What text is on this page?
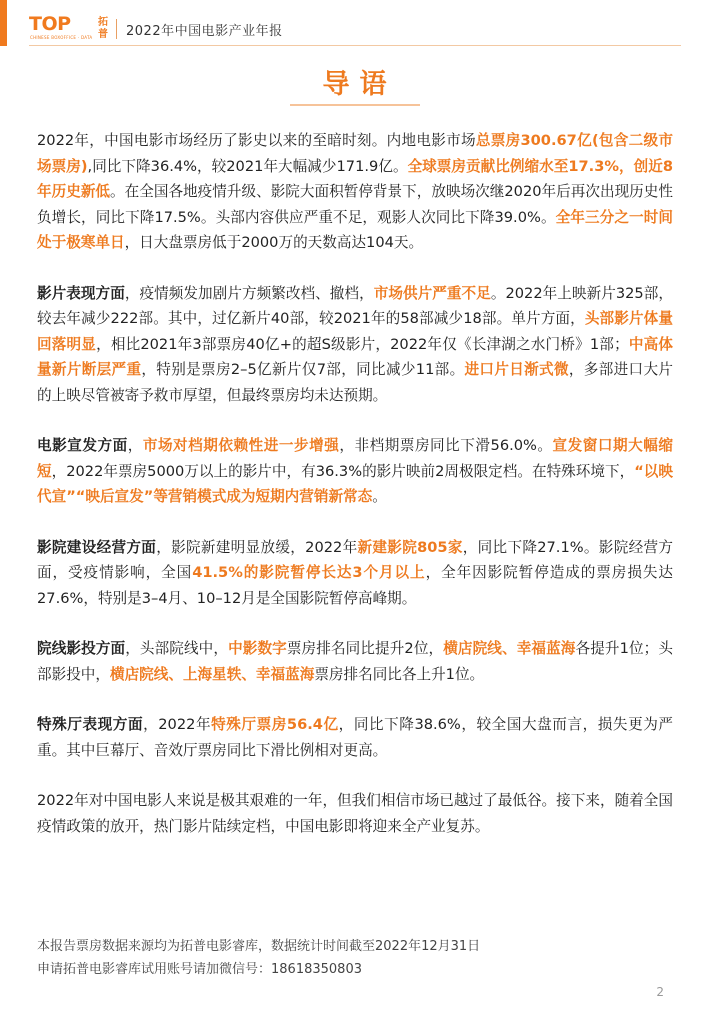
TOP
CHINESE BOXOFFICE · DATA
拓
普 2022年中国电影产业年报
导语

2022年，中国电影市场经历了影史以来的至暗时刻。内地电影市场总票房300.67亿(包含二级市场票房),同比下降36.4%，较2021年大幅减少171.9亿。全球票房贡献比例缩水至17.3%，创近8年历史新低。在全国各地疫情升级、影院大面积暂停背景下，放映场次继2020年后再次出现历史性负增长，同比下降17.5%。头部内容供应严重不足，观影人次同比下降39.0%。全年三分之一时间处于极寒单日，日大盘票房低于2000万的天数高达104天。

影片表现方面，疫情频发加剧片方频繁改档、撤档，市场供片严重不足。2022年上映新片325部，较去年减少222部。其中，过亿新片40部，较2021年的58部减少18部。单片方面，头部影片体量回落明显，相比2021年3部票房40亿+的超S级影片，2022年仅《长津湖之水门桥》1部；中高体量新片断层严重，特别是票房2–5亿新片仅7部，同比减少11部。进口片日渐式微，多部进口大片的上映尽管被寄予救市厚望，但最终票房均未达预期。

电影宣发方面，市场对档期依赖性进一步增强，非档期票房同比下滑56.0%。宣发窗口期大幅缩短，2022年票房5000万以上的影片中，有36.3%的影片映前2周极限定档。在特殊环境下，“以映代宣”“映后宣发”等营销模式成为短期内营销新常态。

影院建设经营方面，影院新建明显放缓，2022年新建影院805家，同比下降27.1%。影院经营方面，受疫情影响，全国41.5%的影院暂停长达3个月以上，全年因影院暂停造成的票房损失达27.6%，特别是3–4月、10–12月是全国影院暂停高峰期。

院线影投方面，头部院线中，中影数字票房排名同比提升2位，横店院线、幸福蓝海各提升1位；头部影投中，横店院线、上海星轶、幸福蓝海票房排名同比各上升1位。

特殊厅表现方面，2022年特殊厅票房56.4亿，同比下降38.6%，较全国大盘而言，损失更为严重。其中巨幕厅、音效厅票房同比下滑比例相对更高。

2022年对中国电影人来说是极其艰难的一年，但我们相信市场已越过了最低谷。接下来，随着全国疫情政策的放开，热门影片陆续定档，中国电影即将迎来全产业复苏。

本报告票房数据来源均为拓普电影睿库，数据统计时间截至2022年12月31日
申请拓普电影睿库试用账号请加微信号：18618350803
2
